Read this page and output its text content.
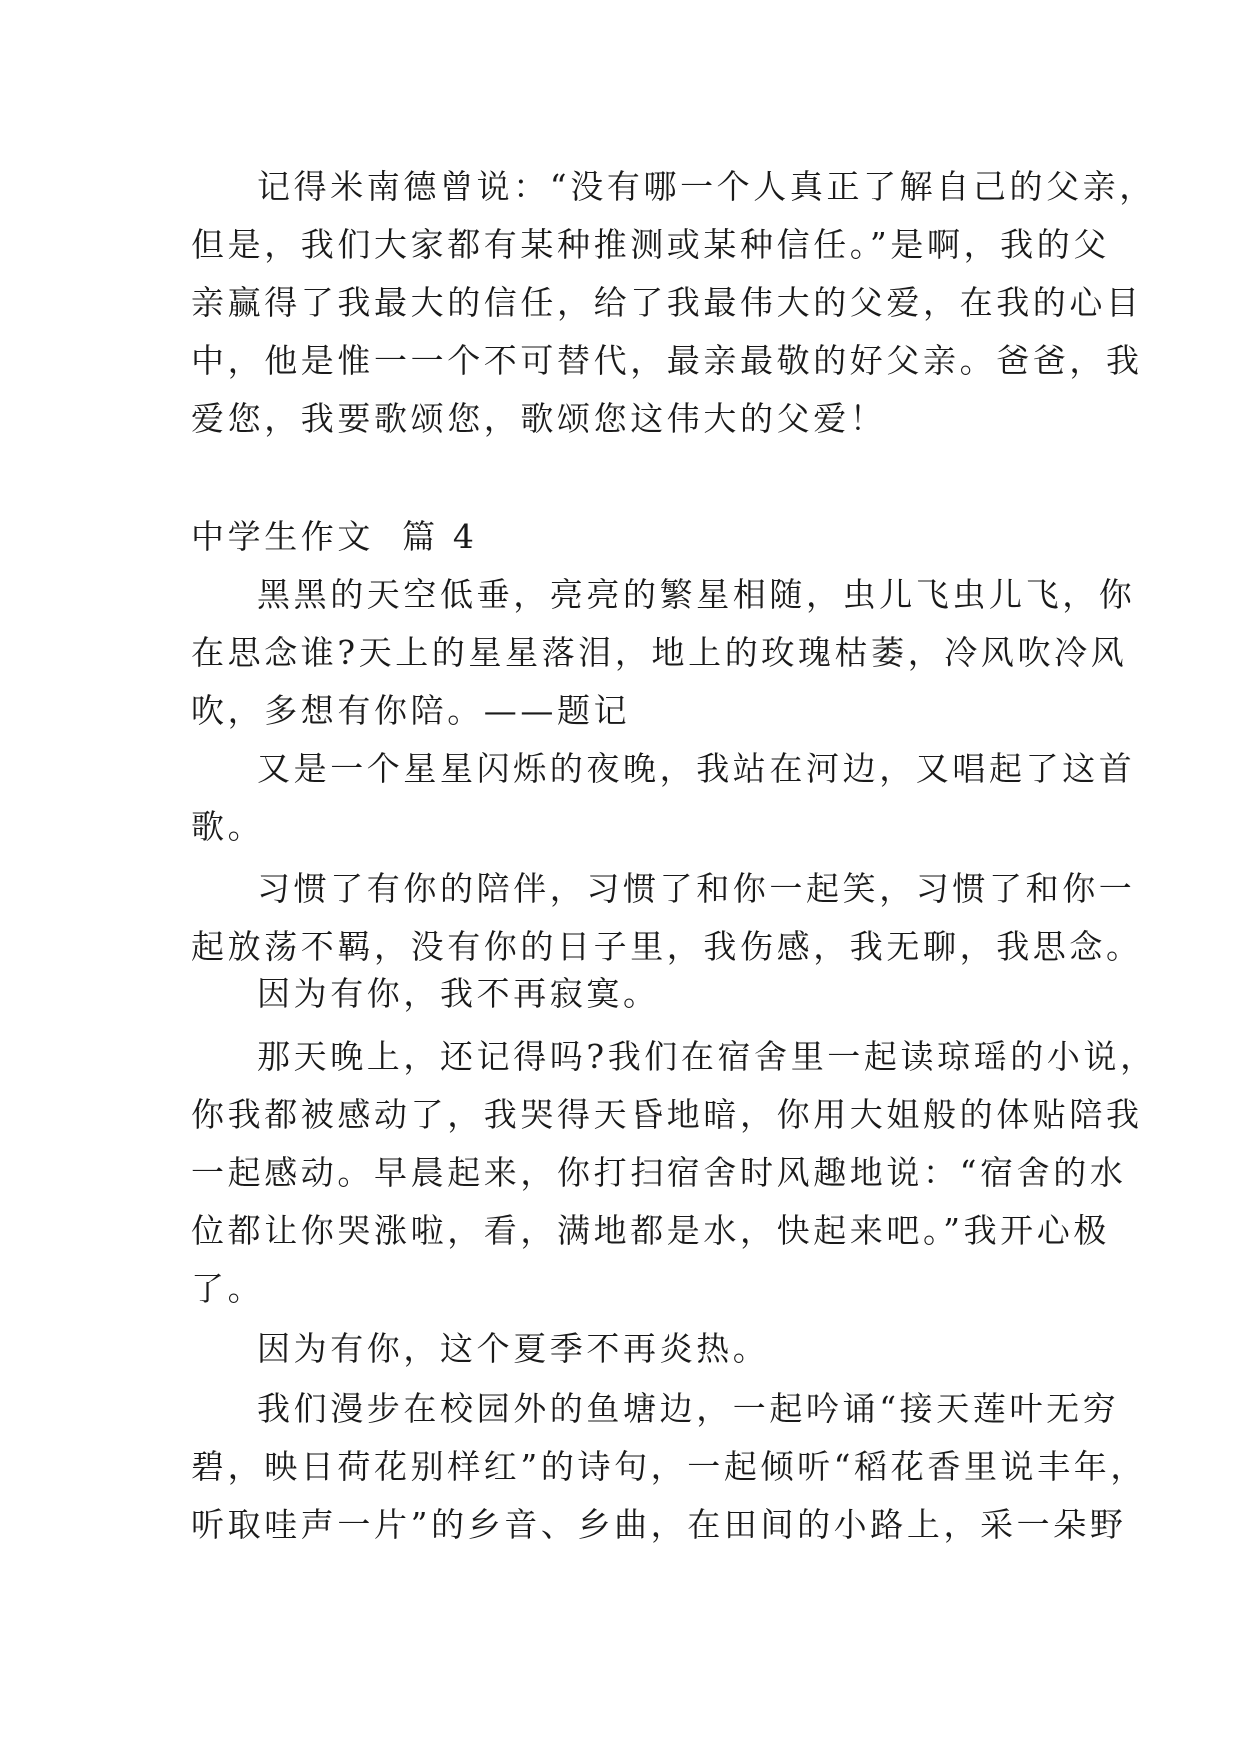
记得米南德曾说：“没有哪一个人真正了解自己的父亲，
但是，我们大家都有某种推测或某种信任。”是啊，我的父
亲赢得了我最大的信任，给了我最伟大的父爱，在我的心目
中，他是惟一一个不可替代，最亲最敬的好父亲。爸爸，我
爱您，我要歌颂您，歌颂您这伟大的父爱！
中学生作文  篇 4
黑黑的天空低垂，亮亮的繁星相随，虫儿飞虫儿飞，你
在思念谁?天上的星星落泪，地上的玫瑰枯萎，冷风吹冷风
吹，多想有你陪。——题记
又是一个星星闪烁的夜晚，我站在河边，又唱起了这首
歌。
习惯了有你的陪伴，习惯了和你一起笑，习惯了和你一
起放荡不羁，没有你的日子里，我伤感，我无聊，我思念。
因为有你，我不再寂寞。
那天晚上，还记得吗?我们在宿舍里一起读琼瑶的小说，
你我都被感动了，我哭得天昏地暗，你用大姐般的体贴陪我
一起感动。早晨起来，你打扫宿舍时风趣地说：“宿舍的水
位都让你哭涨啦，看，满地都是水，快起来吧。”我开心极
了。
因为有你，这个夏季不再炎热。
我们漫步在校园外的鱼塘边，一起吟诵“接天莲叶无穷
碧，映日荷花别样红”的诗句，一起倾听“稻花香里说丰年，
听取哇声一片”的乡音、乡曲，在田间的小路上，采一朵野
